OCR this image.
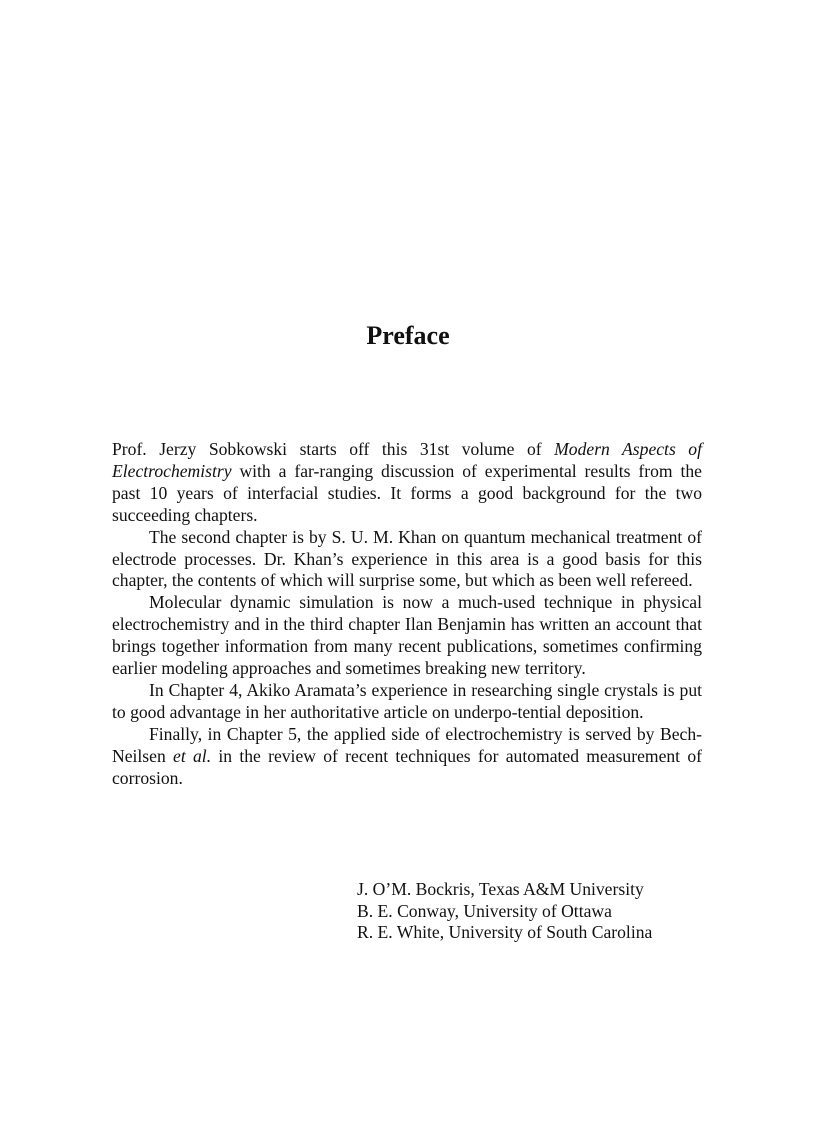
Preface

Prof. Jerzy Sobkowski starts off this 31st volume of Modern Aspects of Electrochemistry with a far-ranging discussion of experimental results from the past 10 years of interfacial studies. It forms a good background for the two succeeding chapters.

The second chapter is by S. U. M. Khan on quantum mechanical treatment of electrode processes. Dr. Khan’s experience in this area is a good basis for this chapter, the contents of which will surprise some, but which as been well refereed.

Molecular dynamic simulation is now a much-used technique in physical electrochemistry and in the third chapter Ilan Benjamin has written an account that brings together information from many recent publications, sometimes confirming earlier modeling approaches and sometimes breaking new territory.

In Chapter 4, Akiko Aramata’s experience in researching single crystals is put to good advantage in her authoritative article on underpo-tential deposition.

Finally, in Chapter 5, the applied side of electrochemistry is served by Bech-Neilsen et al. in the review of recent techniques for automated measurement of corrosion.

J. O’M. Bockris, Texas A&M University
B. E. Conway, University of Ottawa
R. E. White, University of South Carolina
